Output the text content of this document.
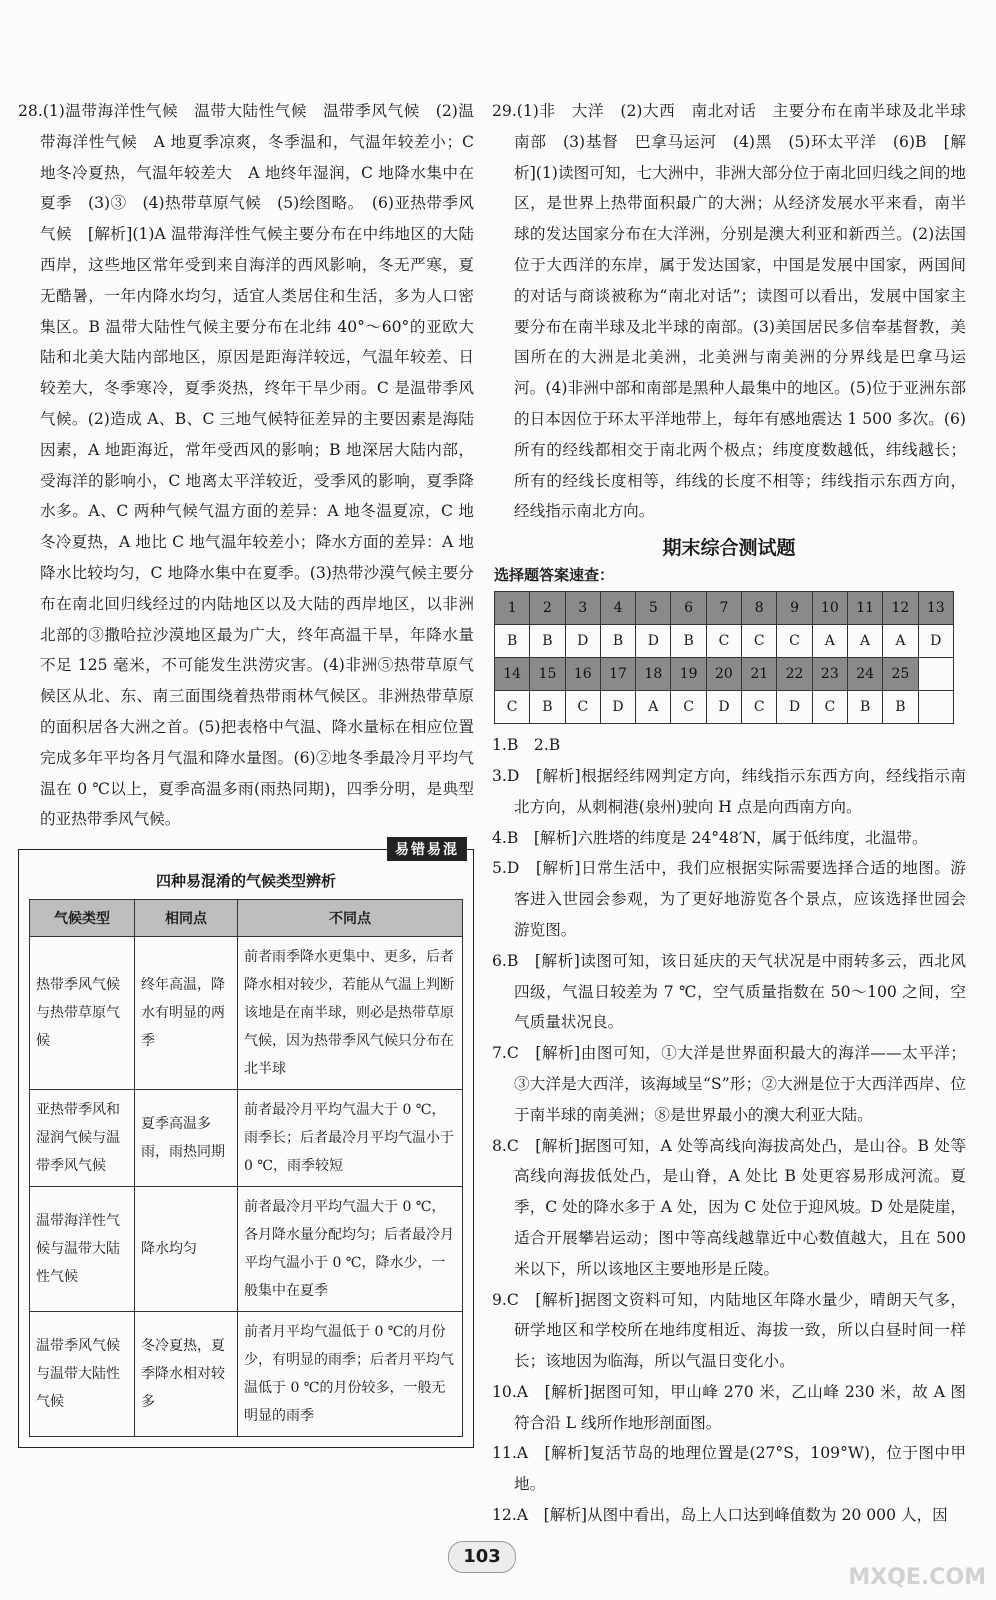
28.(1)温带海洋性气候　温带大陆性气候　温带季风气候　(2)温带海洋性气候　A 地夏季凉爽，冬季温和，气温年较差小；C 地冬冷夏热，气温年较差大　A 地终年湿润，C 地降水集中在夏季　(3)③　(4)热带草原气候　(5)绘图略。　(6)亚热带季风气候　[解析](1)A 温带海洋性气候主要分布在中纬地区的大陆西岸，这些地区常年受到来自海洋的西风影响，冬无严寒，夏无酷暑，一年内降水均匀，适宜人类居住和生活，多为人口密集区。B 温带大陆性气候主要分布在北纬 40°～60°的亚欧大陆和北美大陆内部地区，原因是距海洋较远，气温年较差、日较差大，冬季寒冷，夏季炎热，终年干旱少雨。C 是温带季风气候。(2)造成 A、B、C 三地气候特征差异的主要因素是海陆因素，A 地距海近，常年受西风的影响；B 地深居大陆内部，受海洋的影响小，C 地离太平洋较近，受季风的影响，夏季降水多。A、C 两种气候气温方面的差异：A 地冬温夏凉，C 地冬冷夏热，A 地比 C 地气温年较差小；降水方面的差异：A 地降水比较均匀，C 地降水集中在夏季。(3)热带沙漠气候主要分布在南北回归线经过的内陆地区以及大陆的西岸地区，以非洲北部的③撒哈拉沙漠地区最为广大，终年高温干旱，年降水量不足 125 毫米，不可能发生洪涝灾害。(4)非洲⑤热带草原气候区从北、东、南三面围绕着热带雨林气候区。非洲热带草原的面积居各大洲之首。(5)把表格中气温、降水量标在相应位置完成多年平均各月气温和降水量图。(6)②地冬季最冷月平均气温在 0 ℃以上，夏季高温多雨(雨热同期)，四季分明，是典型的亚热带季风气候。

易错易混
四种易混淆的气候类型辨析
气候类型	相同点	不同点
热带季风气候与热带草原气候	终年高温，降水有明显的两季	前者雨季降水更集中、更多，后者降水相对较少，若能从气温上判断该地是在南半球，则必是热带草原气候，因为热带季风气候只分布在北半球
亚热带季风和湿润气候与温带季风气候	夏季高温多雨，雨热同期	前者最冷月平均气温大于 0 ℃，雨季长；后者最冷月平均气温小于 0 ℃，雨季较短
温带海洋性气候与温带大陆性气候	降水均匀	前者最冷月平均气温大于 0 ℃，各月降水量分配均匀；后者最冷月平均气温小于 0 ℃，降水少，一般集中在夏季
温带季风气候与温带大陆性气候	冬冷夏热，夏季降水相对较多	前者月平均气温低于 0 ℃的月份少，有明显的雨季；后者月平均气温低于 0 ℃的月份较多，一般无明显的雨季

29.(1)非　大洋　(2)大西　南北对话　主要分布在南半球及北半球南部　(3)基督　巴拿马运河　(4)黑　(5)环太平洋　(6)B　[解析](1)读图可知，七大洲中，非洲大部分位于南北回归线之间的地区，是世界上热带面积最广的大洲；从经济发展水平来看，南半球的发达国家分布在大洋洲，分别是澳大利亚和新西兰。(2)法国位于大西洋的东岸，属于发达国家，中国是发展中国家，两国间的对话与商谈被称为“南北对话”；读图可以看出，发展中国家主要分布在南半球及北半球的南部。(3)美国居民多信奉基督教，美国所在的大洲是北美洲，北美洲与南美洲的分界线是巴拿马运河。(4)非洲中部和南部是黑种人最集中的地区。(5)位于亚洲东部的日本因位于环太平洋地带上，每年有感地震达 1 500 多次。(6)所有的经线都相交于南北两个极点；纬度度数越低，纬线越长；所有的经线长度相等，纬线的长度不相等；纬线指示东西方向，经线指示南北方向。

期末综合测试题
选择题答案速查：
1	2	3	4	5	6	7	8	9	10	11	12	13
B	B	D	B	D	B	C	C	C	A	A	A	D
14	15	16	17	18	19	20	21	22	23	24	25	
C	B	C	D	A	C	D	C	D	C	B	B	

1.B　2.B

3.D　[解析]根据经纬网判定方向，纬线指示东西方向，经线指示南北方向，从刺桐港(泉州)驶向 H 点是向西南方向。

4.B　[解析]六胜塔的纬度是 24°48′N，属于低纬度，北温带。

5.D　[解析]日常生活中，我们应根据实际需要选择合适的地图。游客进入世园会参观，为了更好地游览各个景点，应该选择世园会游览图。

6.B　[解析]读图可知，该日延庆的天气状况是中雨转多云，西北风四级，气温日较差为 7 ℃，空气质量指数在 50～100 之间，空气质量状况良。

7.C　[解析]由图可知，①大洋是世界面积最大的海洋——太平洋；③大洋是大西洋，该海域呈“S”形；②大洲是位于大西洋西岸、位于南半球的南美洲；⑧是世界最小的澳大利亚大陆。

8.C　[解析]据图可知，A 处等高线向海拔高处凸，是山谷。B 处等高线向海拔低处凸，是山脊，A 处比 B 处更容易形成河流。夏季，C 处的降水多于 A 处，因为 C 处位于迎风坡。D 处是陡崖，适合开展攀岩运动；图中等高线越靠近中心数值越大，且在 500 米以下，所以该地区主要地形是丘陵。

9.C　[解析]据图文资料可知，内陆地区年降水量少，晴朗天气多，研学地区和学校所在地纬度相近、海拔一致，所以白昼时间一样长；该地因为临海，所以气温日变化小。

10.A　[解析]据图可知，甲山峰 270 米，乙山峰 230 米，故 A 图符合沿 L 线所作地形剖面图。

11.A　[解析]复活节岛的地理位置是(27°S，109°W)，位于图中甲地。

12.A　[解析]从图中看出，岛上人口达到峰值数为 20 000 人，因

103
MXQE.COM
